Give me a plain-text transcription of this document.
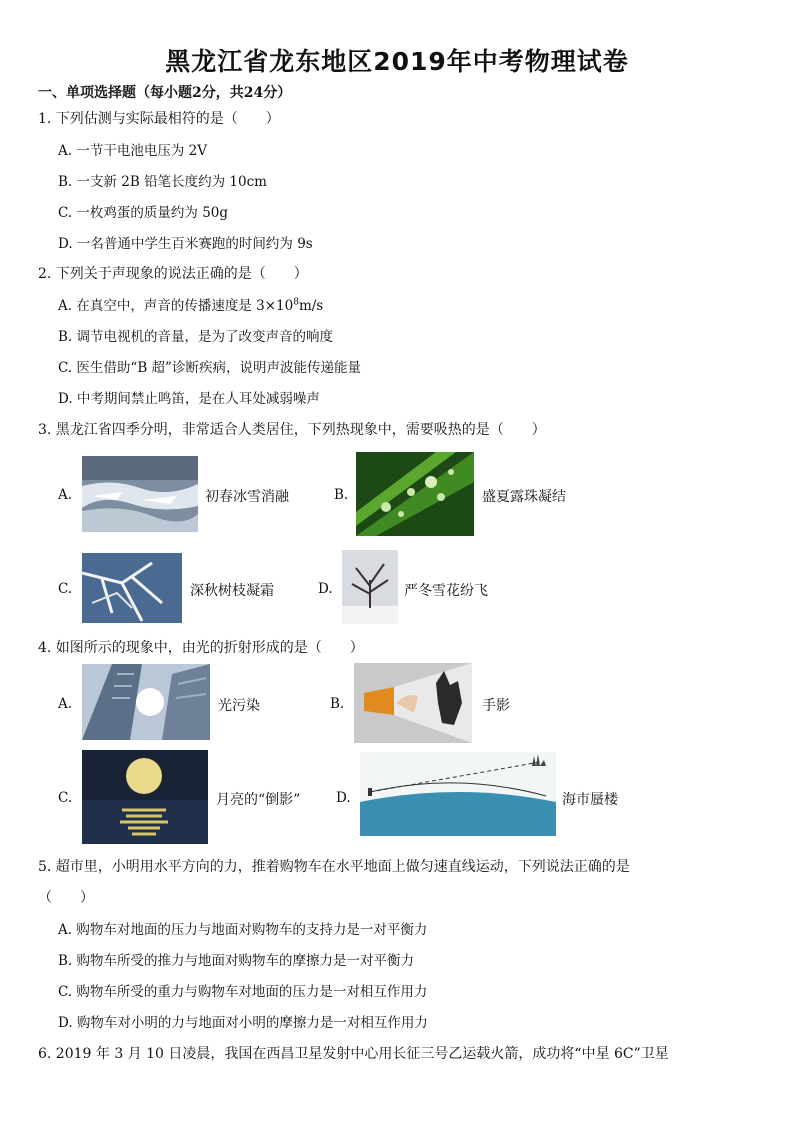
黑龙江省龙东地区2019年中考物理试卷
一、单项选择题（每小题2分，共24分）
1. 下列估测与实际最相符的是（　　）
A. 一节干电池电压为 2V
B. 一支新 2B 铅笔长度约为 10cm
C. 一枚鸡蛋的质量约为 50g
D. 一名普通中学生百米赛跑的时间约为 9s
2. 下列关于声现象的说法正确的是（　　）
A. 在真空中，声音的传播速度是 $3\times 10^8m/s$
B. 调节电视机的音量，是为了改变声音的响度
C. 医生借助“B 超”诊断疾病，说明声波能传递能量
D. 中考期间禁止鸣笛，是在人耳处减弱噪声
3. 黑龙江省四季分明，非常适合人类居住，下列热现象中，需要吸热的是（　　）
A.	初春冰雪消融	B.	盛夏露珠凝结
C.	深秋树枝凝霜	D.	严冬雪花纷飞
4. 如图所示的现象中，由光的折射形成的是（　　）
A.	光污染	B.	手影
C.	月亮的“倒影”	D.	海市蜃楼
5. 超市里，小明用水平方向的力，推着购物车在水平地面上做匀速直线运动，下列说法正确的是
（　　）
A. 购物车对地面的压力与地面对购物车的支持力是一对平衡力
B. 购物车所受的推力与地面对购物车的摩擦力是一对平衡力
C. 购物车所受的重力与购物车对地面的压力是一对相互作用力
D. 购物车对小明的力与地面对小明的摩擦力是一对相互作用力
6. 2019 年 3 月 10 日凌晨，我国在西昌卫星发射中心用长征三号乙运载火箭，成功将“中星 6C”卫星
